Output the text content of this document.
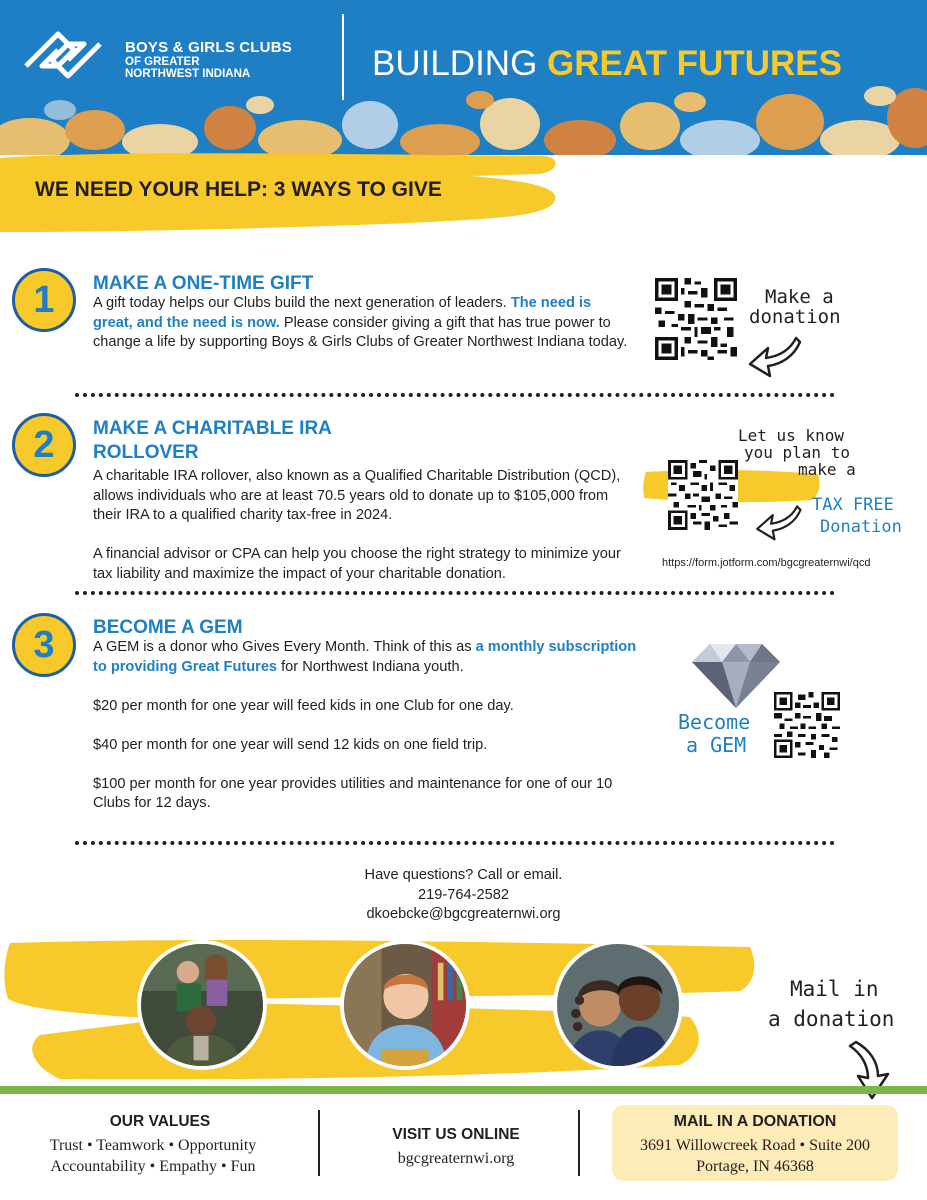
BOYS & GIRLS CLUBS
OF GREATER
NORTHWEST INDIANA	BUILDING GREAT FUTURES
WE NEED YOUR HELP: 3 WAYS TO GIVE
1	MAKE A ONE-TIME GIFT
A gift today helps our Clubs build the next generation of leaders. The need is great, and the need is now. Please consider giving a gift that has true power to change a life by supporting Boys & Girls Clubs of Greater Northwest Indiana today.
Make a
donation
2	MAKE A CHARITABLE IRA
ROLLOVER

A charitable IRA rollover, also known as a Qualified Charitable Distribution (QCD), allows individuals who are at least 70.5 years old to donate up to $105,000 from their IRA to a qualified charity tax-free in 2024.

A financial advisor or CPA can help you choose the right strategy to minimize your tax liability and maximize the impact of your charitable donation.

Let us know
you plan to
make a
TAX FREE
Donation
https://form.jotform.com/bgcgreaternwi/qcd
3	BECOME A GEM

A GEM is a donor who Gives Every Month. Think of this as a monthly subscription to providing Great Futures for Northwest Indiana youth.

$20 per month for one year will feed kids in one Club for one day.

$40 per month for one year will send 12 kids on one field trip.

$100 per month for one year provides utilities and maintenance for one of our 10 Clubs for 12 days.

Become
a GEM
Have questions? Call or email.
219-764-2582
dkoebcke@bgcgreaternwi.org
Mail in
a donation
OUR VALUES
Trust • Teamwork • Opportunity
Accountability • Empathy • Fun
VISIT US ONLINE
bgcgreaternwi.org
MAIL IN A DONATION
3691 Willowcreek Road • Suite 200
Portage, IN 46368
